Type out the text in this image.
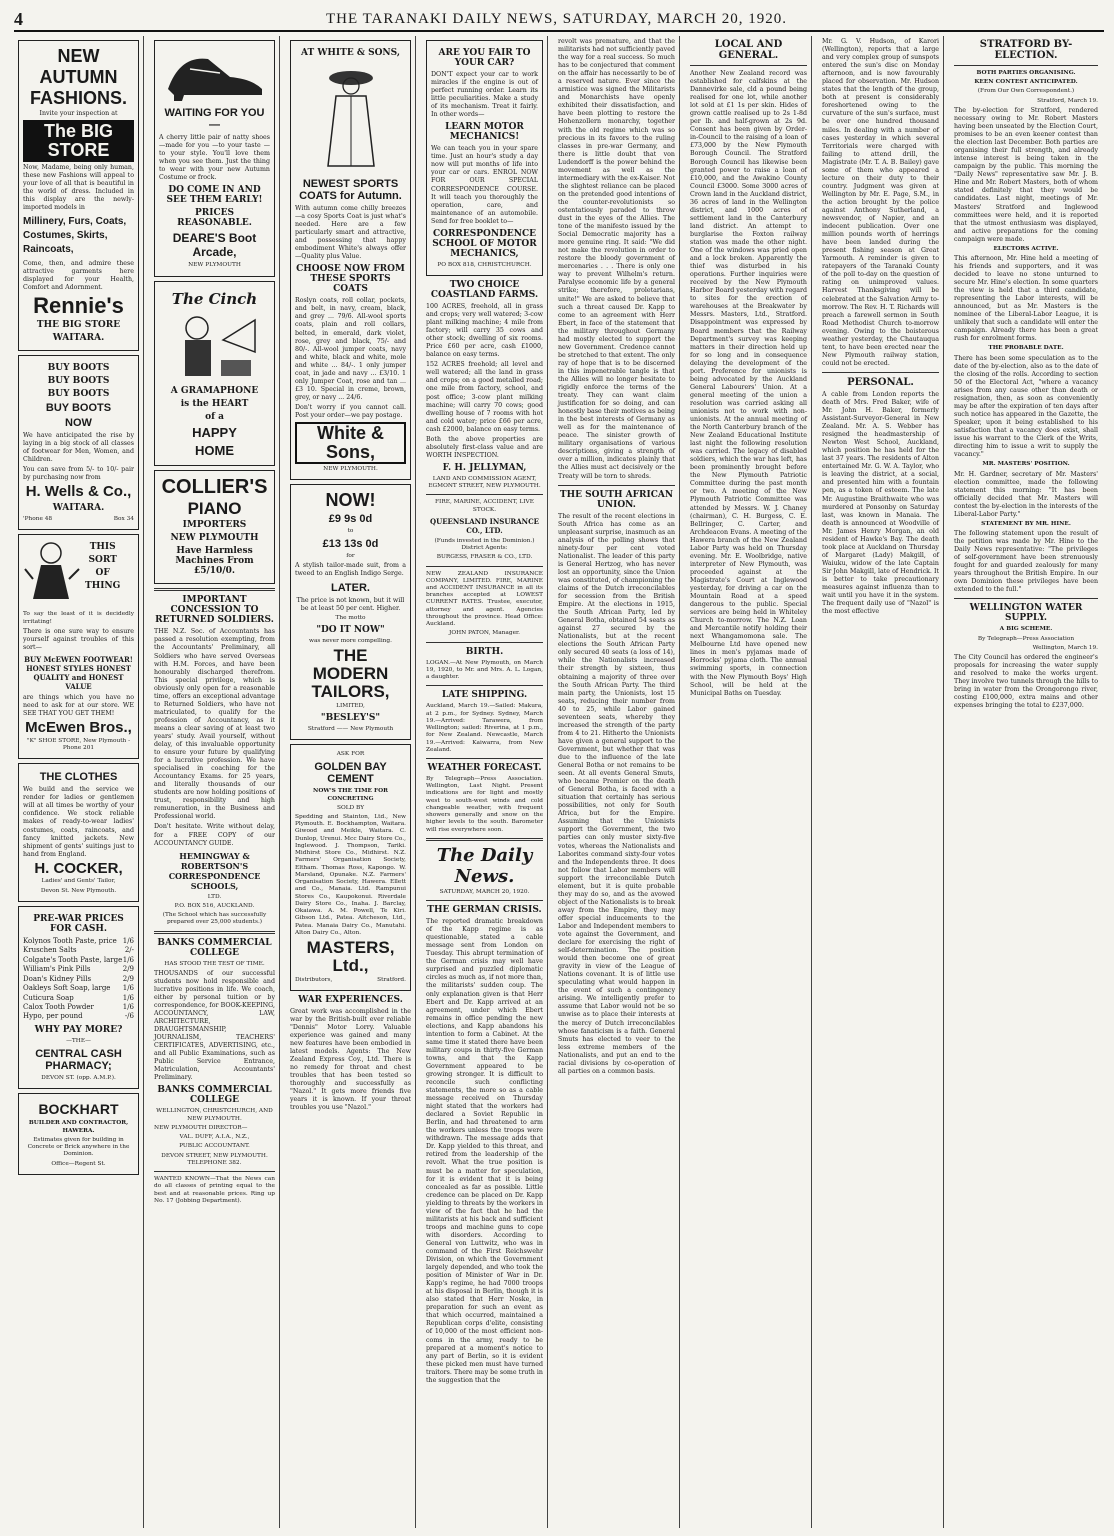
4	THE TARANAKI DAILY NEWS, SATURDAY, MARCH 20, 1920.
NEW
AUTUMN
FASHIONS.
Invite your inspection at
The BIG STORE
Now, Madame, being only human, these new Fashions will appeal to your love of all that is beautiful in the world of dress. Included in this display are the newly-imported models in
Millinery, Furs, Coats, Costumes, Skirts, Raincoats,
Come, then, and admire these attractive garments here displayed for your Health, Comfort and Adornment.
Rennie's
THE BIG STORE
WAITARA.
BUY BOOTS
BUY BOOTS
BUY BOOTS
BUY BOOTS
NOW
We have anticipated the rise by laying in a big stock of all classes of footwear for Men, Women, and Children.
You can save from 5/- to 10/- pair by purchasing now from
H. Wells & Co.,
WAITARA.
'Phone 48	Box 34
THIS
SORT
OF
THING
To say the least of it is decidedly irritating!
There is one sure way to ensure yourself against troubles of this sort—
BUY McEWEN FOOTWEAR! HONEST STYLES HONEST QUALITY and HONEST VALUE
are things which you have no need to ask for at our store. WE SEE THAT YOU GET THEM!
McEwen Bros.,
"K" SHOE STORE, New Plymouth - Phone 201
THE CLOTHES
We build and the service we render for ladies or gentlemen will at all times be worthy of your confidence. We stock reliable makes of ready-to-wear ladies' costumes, coats, raincoats, and fancy knitted jackets. New shipment of gents' suitings just to hand from England.
H. COCKER,
Ladies' and Gents' Tailor,
Devon St. New Plymouth.
PRE-WAR PRICES FOR CASH.
Kolynos Tooth Paste, price 1/6
Kruschen Salts	2/-
Colgate's Tooth Paste, large 1/6
William's Pink Pills	2/9
Doan's Kidney Pills	2/9
Oakleys Soft Soap, large 1/6
Cuticura Soap	1/6
Calox Tooth Powder	1/6
Hypo, per pound	-/6
WHY PAY MORE?
—THE—
CENTRAL CASH PHARMACY;
DEVON ST. (opp. A.M.P.).
BOCKHART
BUILDER AND CONTRACTOR, HAWERA.
Estimates given for building in Concrete or Brick anywhere in the Dominion.
Office—Regent St.
WAITING FOR YOU—
A cherry little pair of natty shoes —made for you —to your taste —to your style. You'll love them when you see them. Just the thing to wear with your new Autumn Costume or frock.
DO COME IN AND SEE THEM EARLY!
PRICES REASONABLE.
DEARE'S Boot Arcade,
NEW PLYMOUTH
The Cinch
A GRAMAPHONE
is the HEART
of a
HAPPY
HOME
COLLIER'S
PIANO
IMPORTERS
NEW PLYMOUTH
Have Harmless Machines From £5/10/0.
IMPORTANT CONCESSION TO RETURNED SOLDIERS.
THE N.Z. Soc. of Accountants has passed a resolution exempting, from the Accountants' Preliminary, all Soldiers who have served Overseas with H.M. Forces, and have been honourably discharged therefrom. This special privilege, which is obviously only open for a reasonable time, offers an exceptional advantage to Returned Soldiers, who have not matriculated, to qualify for the profession of Accountancy, as it means a clear saving of at least two years' study. Avail yourself, without delay, of this invaluable opportunity to ensure your future by qualifying for a lucrative profession. We have specialised in coaching for the Accountancy Exams. for 25 years, and literally thousands of our students are now holding positions of trust, responsibility and high remuneration, in the Business and Professional world.
Don't hesitate. Write without delay, for a FREE COPY of our ACCOUNTANCY GUIDE.
HEMINGWAY & ROBERTSON'S CORRESPONDENCE SCHOOLS,
LTD.
P.O. BOX 516, AUCKLAND.
(The School which has successfully prepared over 25,000 students.)
BANKS COMMERCIAL COLLEGE
HAS STOOD THE TEST OF TIME.
THOUSANDS of our successful students now hold responsible and lucrative positions in life. We coach, either by personal tuition or by correspondence, for BOOK-KEEPING, ACCOUNTANCY, LAW, ARCHITECTURE, DRAUGHTSMANSHIP, JOURNALISM, TEACHERS' CERTIFICATES, ADVERTISING, etc., and all Public Examinations, such as Public Service Entrance, Matriculation, Accountants' Preliminary.
BANKS COMMERCIAL COLLEGE
WELLINGTON, CHRISTCHURCH, AND NEW PLYMOUTH.
NEW PLYMOUTH DIRECTOR—
VAL. DUFF, A.I.A., N.Z.,
PUBLIC ACCOUNTANT.
DEVON STREET, NEW PLYMOUTH. TELEPHONE 382.
WANTED KNOWN—That the News can do all classes of printing equal to the best and at reasonable prices. Ring up No. 17 (Jobbing Department).
AT WHITE & SONS,
NEWEST SPORTS COATS for Autumn.
With autumn come chilly breezes —a cosy Sports Coat is just what's needed. Here are a few particularly smart and attractive, and possessing that happy embodiment White's always offer—Quality plus Value.
CHOOSE NOW FROM THESE SPORTS COATS
Roslyn coats, roll collar, pockets, and belt, in navy, cream, black, and grey ... 79/6. All-wool sports coats, plain and roll collars, belted, in emerald, dark violet, rose, grey and black, 75/- and 80/-. All-wool jumper coats, navy and white, black and white, mole and white ... 84/-. 1 only jumper coat, in jade and navy ... £3/10. 1 only Jumper Coat, rose and tan ... £3 10. Special in creme, brown, grey, or navy ... 24/6.
Don't worry if you cannot call. Post your order—we pay postage.
White & Sons,
NEW PLYMOUTH.
NOW!
£9 9s 0d
to
£13 13s 0d
for
A stylish tailor-made suit, from a tweed to an English Indigo Serge.
LATER.
The price is not known, but it will be at least 50 per cent. Higher.
The motto
"DO IT NOW"
was never more compelling.
THE MODERN TAILORS,
LIMITED,
"BESLEY'S"
Stratford —— New Plymouth
ASK FOR
GOLDEN BAY CEMENT
NOW'S THE TIME FOR CONCRETING
SOLD BY
Spedding and Stainton, Ltd., New Plymouth. E. Bockhampton, Waitara. Giwood and Meikle, Waitara. C. Dunlop, Urenui. Mcc Dairy Store Co., Inglewood. J. Thompson, Tariki. Midhirst Store Co., Midhirst. N.Z. Farmers' Organisation Society, Eltham. Thomas Ross, Kapongo. W. Marsland, Opunake. N.Z. Farmers' Organisation Society, Hawera. Ellett and Co., Manaia. Ltd. Rampunui Stores Co., Kaupokonui. Riverdale Dairy Store Co., Inaha. J. Barclay, Okaiawa. A. M. Powell, Te Kiri. Gibson Ltd., Patea. Aitcheson, Ltd., Patea. Manaia Dairy Co., Manutahi. Alton Dairy Co., Alton.
MASTERS, Ltd.,
Distributors,	Stratford.
WAR EXPERIENCES.
Great work was accomplished in the war by the British-built ever reliable "Dennis" Motor Lorry. Valuable experience was gained and many new features have been embodied in latest models. Agents: The New Zealand Express Coy., Ltd. There is no remedy for throat and chest troubles that has been tested so thoroughly and successfully as "Nazol." It gets more friends five years it is known. If your throat troubles you use "Nazol."
ARE YOU FAIR TO YOUR CAR?
DON'T expect your car to work miracles if the engine is out of perfect running order. Learn its little peculiarities. Make a study of its mechanism. Treat it fairly. In other words—
LEARN MOTOR MECHANICS!
We can teach you in your spare time. Just an hour's study a day now will put months of life into your car or cars. ENROL NOW FOR OUR SPECIAL CORRESPONDENCE COURSE. It will teach you thoroughly the operation, care, and maintenance of an automobile. Send for free booklet to—
CORRESPONDENCE SCHOOL OF MOTOR MECHANICS,
PO BOX 818, CHRISTCHURCH.
TWO CHOICE COASTLAND FARMS.
100 ACRES, freehold, all in grass and crops; very well watered; 3-cow plant milking machine; 4 mile from factory; will carry 35 cows and other stock; dwelling of six rooms. Price £60 per acre, cash £1000, balance on easy terms.
152 ACRES freehold; all level and well watered; all the land in grass and crops; on a good metalled road; one mile from factory, school, and post office; 3-cow plant milking machine; will carry 70 cows; good dwelling house of 7 rooms with hot and cold water; price £66 per acre, cash £2000, balance on easy terms.
Both the above properties are absolutely first-class value and are WORTH INSPECTION.
F. H. JELLYMAN,
LAND AND COMMISSION AGENT, EGMONT STREET, NEW PLYMOUTH.
FIRE, MARINE, ACCIDENT, LIVE STOCK.
QUEENSLAND INSURANCE CO., LTD.
(Funds invested in the Dominion.) District Agents:
BURGESS, FRASER & CO., LTD.
NEW ZEALAND INSURANCE COMPANY, LIMITED. FIRE, MARINE and ACCIDENT INSURANCE in all its branches accepted at LOWEST CURRENT RATES. Trustee, executor, attorney and agent. Agencies throughout the province. Head Office: Auckland.
JOHN PATON, Manager.
BIRTH.
LOGAN.—At New Plymouth, on March 19, 1920, to Mr. and Mrs. A. L. Logan, a daughter.
LATE SHIPPING.
Auckland, March 19.—Sailed: Makura, at 2 p.m., for Sydney. Sydney, March 19.—Arrived: Tarawera, from Wellington; sailed: Riverina, at 1 p.m., for New Zealand. Newcastle, March 19.—Arrived: Kaiwarra, from New Zealand.
WEATHER FORECAST.
By Telegraph—Press Association. Wellington, Last Night. Present indications are for light and mostly west to south-west winds and cold changeable weather, with frequent showers generally and snow on the higher levels to the south. Barometer will rise everywhere soon.
The Daily News.
SATURDAY, MARCH 20, 1920.
THE GERMAN CRISIS.
The reported dramatic breakdown of the Kapp regime is as questionable, stated a cable message sent from London on Tuesday. This abrupt termination of the German crisis may well have surprised and puzzled diplomatic circles as much as, if not more than, the militarists' sudden coup. The only explanation given is that Herr Ebert and Dr. Kapp arrived at an agreement, under which Ebert remains in office pending the new elections, and Kapp abandons his intention to form a Cabinet. At the same time it stated there have been military coups in thirty-five German towns, and that the Kapp Government appeared to be growing stronger. It is difficult to reconcile such conflicting statements, the more so as a cable message received on Thursday night stated that the workers had declared a Soviet Republic in Berlin, and had threatened to arm the workers unless the troops were withdrawn. The message adds that Dr. Kapp yielded to this threat, and retired from the leadership of the revolt. What the true position is must be a matter for speculation, for it is evident that it is being concealed as far as possible. Little credence can be placed on Dr. Kapp yielding to threats by the workers in view of the fact that he had the militarists at his back and sufficient troops and machine guns to cope with disorders. According to General von Luttwitz, who was in command of the First Reichswehr Division, on which the Government largely depended, and who took the position of Minister of War in Dr. Kapp's regime, he had 7000 troops at his disposal in Berlin, though it is also stated that Herr Noske, in preparation for such an event as that which occurred, maintained a Republican corps d'elite, consisting of 10,000 of the most efficient non-coms in the army, ready to be prepared at a moment's notice to any part of Berlin, so it is evident these picked men must have turned traitors. There may be some truth in the suggestion that the
revolt was premature, and that the militarists had not sufficiently paved the way for a real success. So much has to be conjectured that comment on the affair has necessarily to be of a reserved nature. Ever since the armistice was signed the Militarists and Monarchists have openly exhibited their dissatisfaction, and have been plotting to restore the Hohenzollern monarchy, together with the old regime which was so precious in its favors to the ruling classes in pre-war Germany, and there is little doubt that von Ludendorff is the power behind the movement as well as the intermediary with the ex-Kaiser. Not the slightest reliance can be placed on the pretended good intentions of the counter-revolutionists so ostentatiously paraded to throw dust in the eyes of the Allies. The tone of the manifesto issued by the Social Democratic majority has a more genuine ring. It said: "We did not make the revolution in order to restore the bloody government of mercenaries . . . There is only one way to prevent Wilhelm's return. Paralyse economic life by a general strike; therefore, proletarians, unite!" We are asked to believe that such a threat caused Dr. Kapp to come to an agreement with Herr Ebert, in face of the statement that the military throughout Germany had mostly elected to support the new Government. Credence cannot be stretched to that extent. The only ray of hope that is to be discerned in this impenetrable tangle is that the Allies will no longer hesitate to rigidly enforce the terms of the treaty. They can want claim justification for so doing, and can honestly base their motives as being in the best interests of Germany as well as for the maintenance of peace. The sinister growth of military organisations of various descriptions, giving a strength of over a million, indicates plainly that the Allies must act decisively or the Treaty will be torn to shreds.
THE SOUTH AFRICAN UNION.
The result of the recent elections in South Africa has come as an unpleasant surprise, inasmuch as an analysis of the polling shows that ninety-four per cent voted Nationalist. The leader of this party is General Hertzog, who has never lost an opportunity, since the Union was constituted, of championing the claims of the Dutch irreconcilables for secession from the British Empire. At the elections in 1915, the South African Party, led by General Botha, obtained 54 seats as against 27 secured by the Nationalists, but at the recent elections the South African Party only secured 40 seats (a loss of 14), while the Nationalists increased their strength by sixteen, thus obtaining a majority of three over the South African Party. The third main party, the Unionists, lost 15 seats, reducing their number from 40 to 25, while Labor gained seventeen seats, whereby they increased the strength of the party from 4 to 21. Hitherto the Unionists have given a general support to the Government, but whether that was due to the influence of the late General Botha or not remains to be seen. At all events General Smuts, who became Premier on the death of General Botha, is faced with a situation that certainly has serious possibilities, not only for South Africa, but for the Empire. Assuming that the Unionists support the Government, the two parties can only muster sixty-five votes, whereas the Nationalists and Laborites command sixty-four votes and the Independents three. It does not follow that Labor members will support the irreconcilable Dutch element, but it is quite probable they may do so, and as the avowed object of the Nationalists is to break away from the Empire, they may offer special inducements to the Labor and Independent members to vote against the Government, and declare for exercising the right of self-determination. The position would then become one of great gravity in view of the League of Nations covenant. It is of little use speculating what would happen in the event of such a contingency arising. We intelligently prefer to assume that Labor would not be so unwise as to place their interests at the mercy of Dutch irreconcilables whose fanaticism is a faith. General Smuts has elected to veer to the less extreme members of the Nationalists, and put an end to the racial divisions by co-operation of all parties on a common basis.
LOCAL AND GENERAL.
Another New Zealand record was established for calfskins at the Dannevirke sale, cld a pound being realised for one lot, while another lot sold at £1 1s per skin. Hides of grown cattle realised up to 2s 1-8d per lb. and half-grown at 2s 9d. Consent has been given by Order-in-Council to the raising of a loan of £73,000 by the New Plymouth Borough Council. The Stratford Borough Council has likewise been granted power to raise a loan of £10,000, and the Awakino County Council £3000. Some 3000 acres of Crown land in the Auckland district, 36 acres of land in the Wellington district, and 1000 acres of settlement land in the Canterbury land district. An attempt to burglarise the Foxton railway station was made the other night. One of the windows was pried open and a lock broken. Apparently the thief was disturbed in his operations. Further inquiries were received by the New Plymouth Harbor Board yesterday with regard to sites for the erection of warehouses at the Breakwater by Messrs. Masters, Ltd., Stratford. Disappointment was expressed by Board members that the Railway Department's survey was keeping matters in their direction held up for so long and in consequence delaying the development of the port. Preference for unionists is being advocated by the Auckland General Labourers' Union. At a general meeting of the union a resolution was carried asking all unionists not to work with non-unionists. At the annual meeting of the North Canterbury branch of the New Zealand Educational Institute last night the following resolution was carried. The legacy of disabled soldiers, which the war has left, has been prominently brought before the New Plymouth Patriotic Committee during the past month or two. A meeting of the New Plymouth Patriotic Committee was attended by Messrs. W. J. Chaney (chairman), C. H. Burgess, C. E. Bellringer, C. Carter, and Archdeacon Evans. A meeting of the Hawera branch of the New Zealand Labor Party was held on Thursday evening. Mr. E. Woolbridge, native interpreter of New Plymouth, was proceeded against at the Magistrate's Court at Inglewood yesterday, for driving a car on the Mountain Road at a speed dangerous to the public. Special services are being held in Whiteley Church to-morrow. The N.Z. Loan and Mercantile notify holding their next Whangamomona sale. The Melbourne Ltd have opened new lines in men's pyjamas made of Horrocks' pyjama cloth. The annual swimming sports, in connection with the New Plymouth Boys' High School, will be held at the Municipal Baths on Tuesday.
Mr. G. V. Hudson, of Karori (Wellington), reports that a large and very complex group of sunspots entered the sun's disc on Monday afternoon, and is now favourably placed for observation. Mr. Hudson states that the length of the group, both at present is considerably foreshortened owing to the curvature of the sun's surface, must be over one hundred thousand miles. In dealing with a number of cases yesterday in which several Territorials were charged with failing to attend drill, the Magistrate (Mr. T. A. B. Bailey) gave some of them who appeared a lecture on their duty to their country. Judgment was given at Wellington by Mr. E. Page, S.M., in the action brought by the police against Anthony Sutherland, a newsvendor, of Napier, and an indecent publication. Over one million pounds worth of herrings have been landed during the present fishing season at Great Yarmouth. A reminder is given to ratepayers of the Taranaki County of the poll to-day on the question of rating on unimproved values. Harvest Thanksgiving will be celebrated at the Salvation Army to-morrow. The Rev. H. T. Richards will preach a farewell sermon in South Road Methodist Church to-morrow evening. Owing to the boisterous weather yesterday, the Chautauqua tent, to have been erected near the New Plymouth railway station, could not be erected.
PERSONAL.
A cable from London reports the death of Mrs. Fred Baker, wife of Mr. John H. Baker, formerly Assistant-Surveyor-General in New Zealand. Mr. A. S. Webber has resigned the headmastership of Newton West School, Auckland, which position he has held for the last 37 years. The residents of Alton entertained Mr. G. W. A. Taylor, who is leaving the district, at a social, and presented him with a fountain pen, as a token of esteem. The late Mr. Augustine Braithwaite who was murdered at Ponsonby on Saturday last, was known in Manaia. The death is announced at Woodville of Mr. James Henry Morgan, an old resident of Hawke's Bay. The death took place at Auckland on Thursday of Margaret (Lady) Makgill, of Waiuku, widow of the late Captain Sir John Makgill, late of Hendrick. It is better to take precautionary measures against influenza than to wait until you have it in the system. The frequent daily use of "Nazol" is the most effective
STRATFORD BY-ELECTION.
BOTH PARTIES ORGANISING.
KEEN CONTEST ANTICIPATED.
(From Our Own Correspondent.)
Stratford, March 19.
The by-election for Stratford, rendered necessary owing to Mr. Robert Masters having been unseated by the Election Court, promises to be an even keener contest than the election last December. Both parties are organising their full strength, and already intense interest is being taken in the campaign by the public. This morning the "Daily News" representative saw Mr. J. B. Hine and Mr. Robert Masters, both of whom stated definitely that they would be candidates. Last night, meetings of Mr. Masters' Stratford and Inglewood committees were held, and it is reported that the utmost enthusiasm was displayed, and active preparations for the coming campaign were made.
ELECTORS ACTIVE.
This afternoon, Mr. Hine held a meeting of his friends and supporters, and it was decided to leave no stone unturned to secure Mr. Hine's election. In some quarters the view is held that a third candidate, representing the Labor interests, will be announced, but as Mr. Masters is the nominee of the Liberal-Labor League, it is unlikely that such a candidate will enter the campaign. Already there has been a great rush for enrolment forms.
THE PROBABLE DATE.
There has been some speculation as to the date of the by-election, also as to the date of the closing of the rolls. According to section 50 of the Electoral Act, "where a vacancy arises from any cause other than death or resignation, then, as soon as conveniently may be after the expiration of ten days after such notice has appeared in the Gazette, the Speaker, upon it being established to his satisfaction that a vacancy does exist, shall issue his warrant to the Clerk of the Writs, directing him to issue a writ to supply the vacancy."
MR. MASTERS' POSITION.
Mr. H. Gardner, secretary of Mr. Masters' election committee, made the following statement this morning: "It has been officially decided that Mr. Masters will contest the by-election in the interests of the Liberal-Labor Party."
STATEMENT BY MR. HINE.
The following statement upon the result of the petition was made by Mr. Hine to the Daily News representative: "The privileges of self-government have been strenuously fought for and guarded zealously for many years throughout the British Empire. In our own Dominion these privileges have been extended to the full."
WELLINGTON WATER SUPPLY.
A BIG SCHEME.
By Telegraph—Press Association
Wellington, March 19.
The City Council has ordered the engineer's proposals for increasing the water supply and resolved to make the works urgent. They involve two tunnels through the hills to bring in water from the Orongorongo river, costing £100,000, extra mains and other expenses bringing the total to £237,000.
